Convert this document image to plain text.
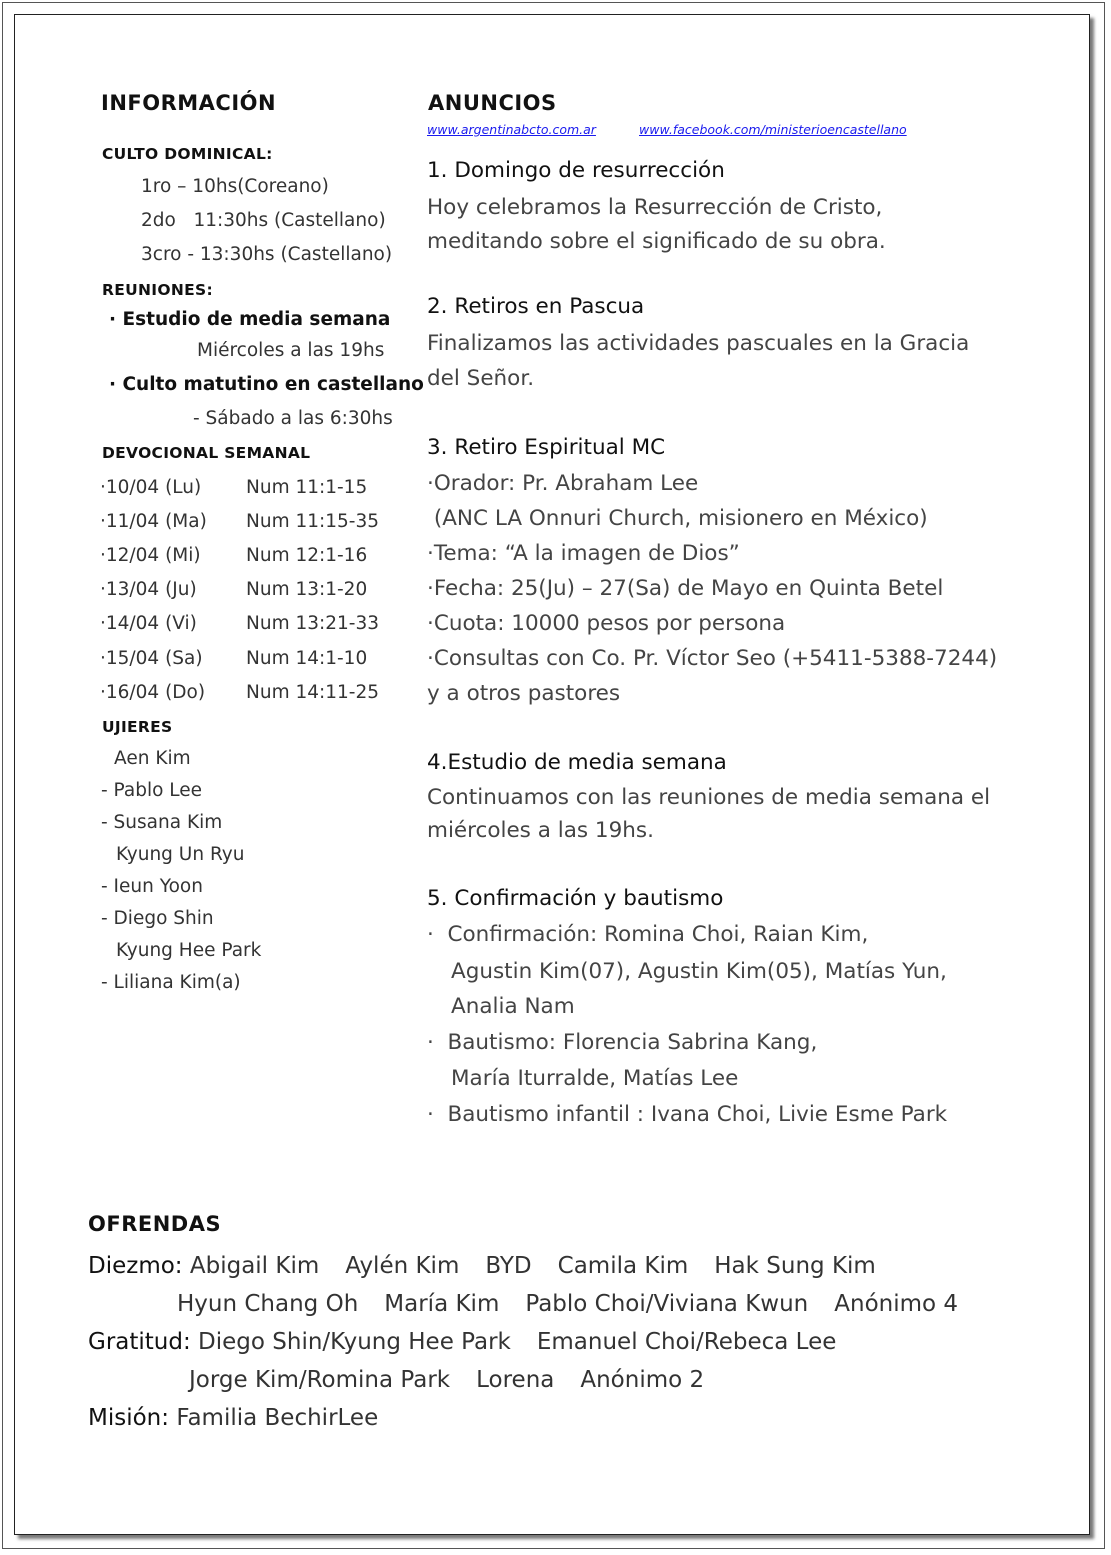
INFORMACIÓN
CULTO DOMINICAL:
1ro – 10hs(Coreano)
2do   11:30hs (Castellano)
3cro - 13:30hs (Castellano)
REUNIONES:
· Estudio de media semana
Miércoles a las 19hs
· Culto matutino en castellano
- Sábado a las 6:30hs
DEVOCIONAL SEMANAL
·10/04 (Lu) Num 11:1-15
·11/04 (Ma) Num 11:15-35
·12/04 (Mi) Num 12:1-16
·13/04 (Ju)	Num 13:1-20
·14/04 (Vi)	Num 13:21-33
·15/04 (Sa) Num 14:1-10
·16/04 (Do) Num 14:11-25
UJIERES
Aen Kim
- Pablo Lee
- Susana Kim
Kyung Un Ryu
- Ieun Yoon
- Diego Shin
Kyung Hee Park
- Liliana Kim(a)
ANUNCIOS
www.argentinabcto.com.ar	www.facebook.com/ministerioencastellano
1. Domingo de resurrección
Hoy celebramos la Resurrección de Cristo,
meditando sobre el significado de su obra.
2. Retiros en Pascua
Finalizamos las actividades pascuales en la Gracia
del Señor.
3. Retiro Espiritual MC
·Orador: Pr. Abraham Lee
(ANC LA Onnuri Church, misionero en México)
·Tema: “A la imagen de Dios”
·Fecha: 25(Ju) – 27(Sa) de Mayo en Quinta Betel
·Cuota: 10000 pesos por persona
·Consultas con Co. Pr. Víctor Seo (+5411-5388-7244)
y a otros pastores
4.Estudio de media semana
Continuamos con las reuniones de media semana el
miércoles a las 19hs.
5. Confirmación y bautismo
·  Confirmación: Romina Choi, Raian Kim,
Agustin Kim(07), Agustin Kim(05), Matías Yun,
Analia Nam
·  Bautismo: Florencia Sabrina Kang,
María Iturralde, Matías Lee
·  Bautismo infantil : Ivana Choi, Livie Esme Park
OFRENDAS
Diezmo: Abigail Kim Aylén Kim BYD Camila Kim Hak Sung Kim
Hyun Chang Oh María Kim Pablo Choi/Viviana Kwun Anónimo 4
Gratitud: Diego Shin/Kyung Hee Park Emanuel Choi/Rebeca Lee
Jorge Kim/Romina Park Lorena Anónimo 2
Misión: Familia BechirLee
